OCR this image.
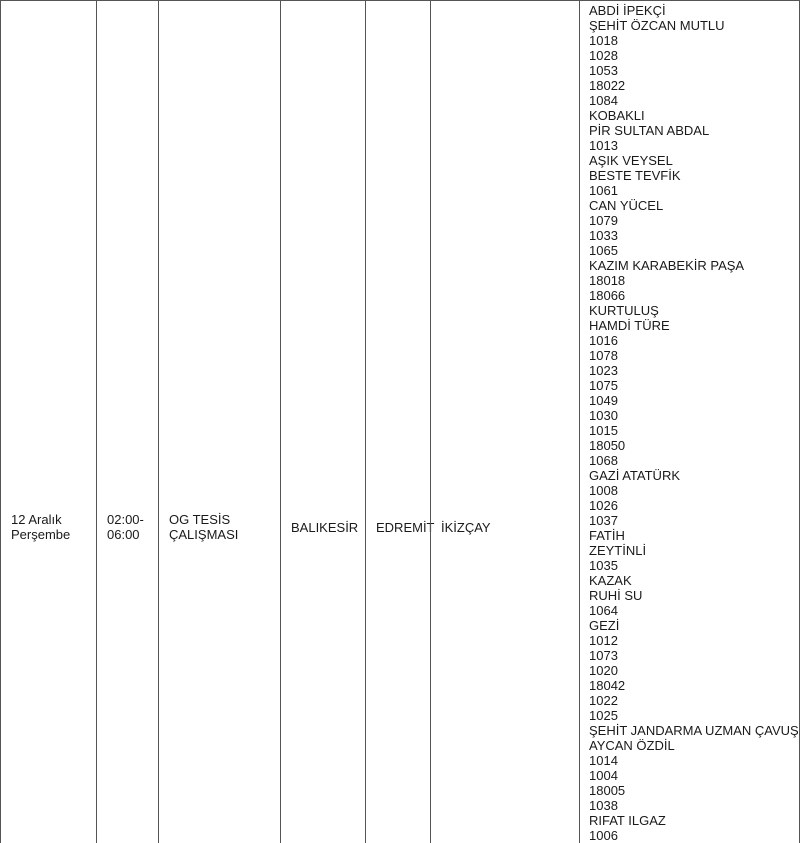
12 Aralık
Perşembe
02:00-
06:00
OG TESİS
ÇALIŞMASI	BALIKESİR EDREMİT İKİZÇAY
ABDİ İPEKÇİ
ŞEHİT ÖZCAN MUTLU
1018
1028
1053
18022
1084
KOBAKLI
PİR SULTAN ABDAL
1013
AŞIK VEYSEL
BESTE TEVFİK
1061
CAN YÜCEL
1079
1033
1065
KAZIM KARABEKİR PAŞA
18018
18066
KURTULUŞ
HAMDİ TÜRE
1016
1078
1023
1075
1049
1030
1015
18050
1068
GAZİ ATATÜRK
1008
1026
1037
FATİH
ZEYTİNLİ
1035
KAZAK
RUHİ SU
1064
GEZİ
1012
1073
1020
18042
1022
1025
ŞEHİT JANDARMA UZMAN ÇAVUŞ
AYCAN ÖZDİL
1014
1004
18005
1038
RIFAT ILGAZ
1006
